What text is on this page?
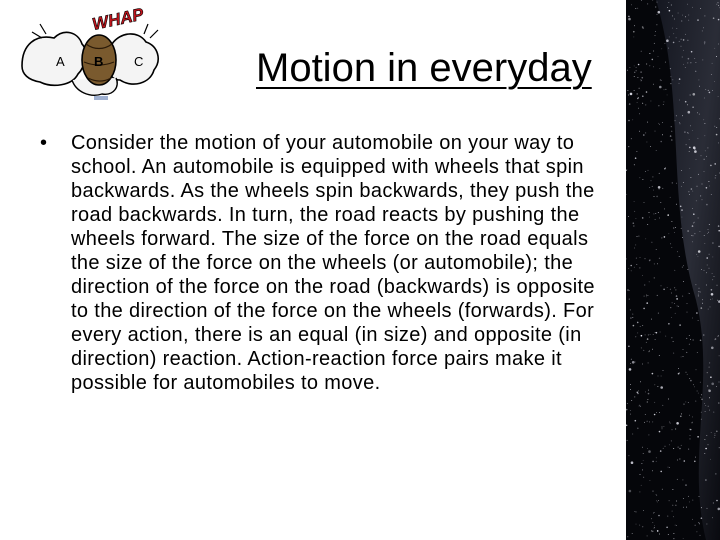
WHAP
A B C	Motion in everyday
• Consider the motion of your automobile on your way to
school. An automobile is equipped with wheels that spin
backwards. As the wheels spin backwards, they push the
road backwards. In turn, the road reacts by pushing the
wheels forward. The size of the force on the road equals
the size of the force on the wheels (or automobile); the
direction of the force on the road (backwards) is opposite
to the direction of the force on the wheels (forwards). For
every action, there is an equal (in size) and opposite (in
direction) reaction. Action-reaction force pairs make it
possible for automobiles to move.
